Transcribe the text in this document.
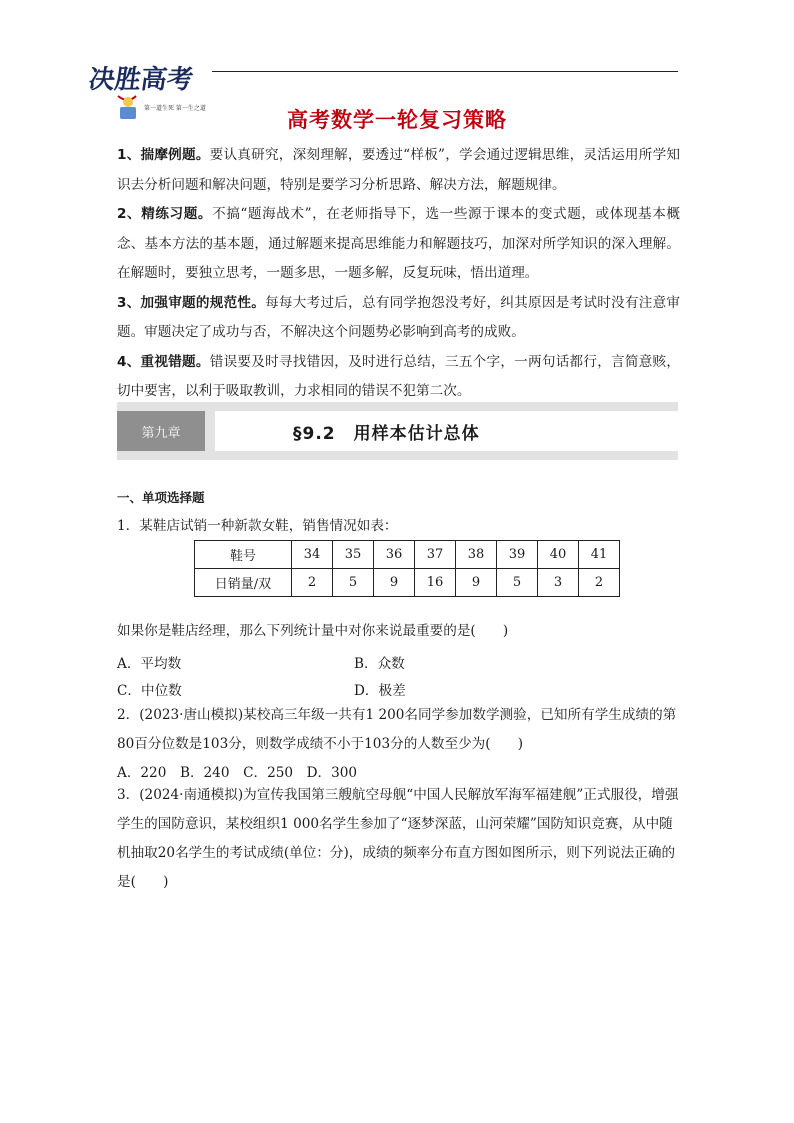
决胜高考
第一道生死 第一生之道	高考数学一轮复习策略

1、揣摩例题。要认真研究，深刻理解，要透过“样板”，学会通过逻辑思维，灵活运用所学知识去分析问题和解决问题，特别是要学习分析思路、解决方法，解题规律。

2、精练习题。不搞“题海战术”，在老师指导下，选一些源于课本的变式题，或体现基本概念、基本方法的基本题，通过解题来提高思维能力和解题技巧，加深对所学知识的深入理解。在解题时，要独立思考，一题多思，一题多解，反复玩味，悟出道理。

3、加强审题的规范性。每每大考过后，总有同学抱怨没考好，纠其原因是考试时没有注意审题。审题决定了成功与否，不解决这个问题势必影响到高考的成败。

4、重视错题。错误要及时寻找错因，及时进行总结，三五个字，一两句话都行，言简意赅，切中要害，以利于吸取教训，力求相同的错误不犯第二次。

第九章	§9.2　用样本估计总体
一、单项选择题
1．某鞋店试销一种新款女鞋，销售情况如表：
鞋号	34	35	36	37	38	39	40	41
日销量/双	2	5	9	16	9	5	3	2
如果你是鞋店经理，那么下列统计量中对你来说最重要的是(　　)
A．平均数	B．众数
C．中位数	D．极差
2．(2023·唐山模拟)某校高三年级一共有1 200名同学参加数学测验，已知所有学生成绩的第80百分位数是103分，则数学成绩不小于103分的人数至少为(　　)
A．220　B．240　C．250　D．300
3．(2024·南通模拟)为宣传我国第三艘航空母舰“中国人民解放军海军福建舰”正式服役，增强学生的国防意识，某校组织1 000名学生参加了“逐梦深蓝，山河荣耀”国防知识竞赛，从中随机抽取20名学生的考试成绩(单位：分)，成绩的频率分布直方图如图所示，则下列说法正确的是(　　)
